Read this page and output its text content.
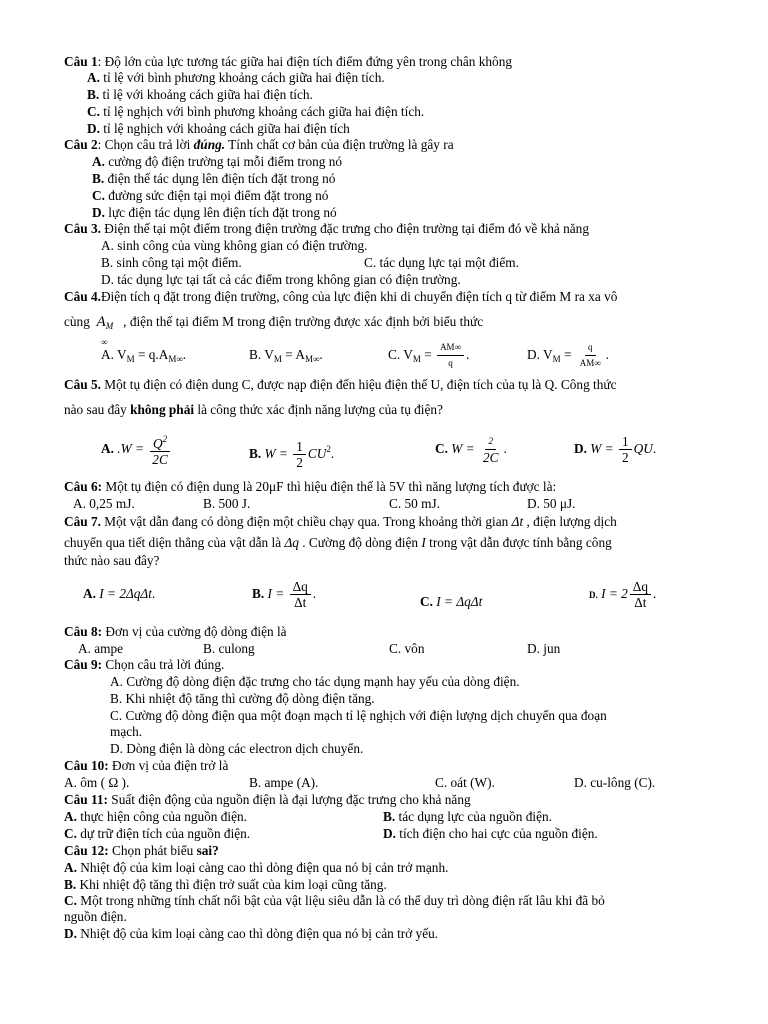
Câu 1: Độ lớn của lực tương tác giữa hai điện tích điểm đứng yên trong chân không
A. tỉ lệ với bình phương khoảng cách giữa hai điện tích.
B. tỉ lệ với khoảng cách giữa hai điện tích.
C. tỉ lệ nghịch với bình phương khoảng cách giữa hai điện tích.
D. tỉ lệ nghịch với khoảng cách giữa hai điện tích
Câu 2: Chọn câu trả lời đúng. Tính chất cơ bản của điện trường là gây ra
A. cường độ điện trường tại mỗi điểm trong nó
B. điện thế tác dụng lên điện tích đặt trong nó
C. đường sức điện tại mọi điểm đặt trong nó
D. lực điện tác dụng lên điện tích đặt trong nó
Câu 3. Điện thế tại một điểm trong điện trường đặc trưng cho điện trường tại điểm đó về khả năng
A. sinh công của vùng không gian có điện trường.
B. sinh công tại một điểm.	C. tác dụng lực tại một điểm.
D. tác dụng lực tại tất cả các điểm trong không gian có điện trường.
Câu 4.Điện tích q đặt trong điện trường, công của lực điện khi di chuyển điện tích q từ điểm M ra xa vô
cùng $A_M$ , điện thế tại điểm M trong điện trường được xác định bởi biểu thức
∞
A. $V_M = q.A_{M\infty}$.	B. $V_M = A_{M\infty}$.	C. $V_M = \frac{AM\infty}{q}$ .	D. $V_M = \frac{q}{AM\infty}$ .
Câu 5. Một tụ điện có điện dung C, được nạp điện đến hiệu điện thế U, điện tích của tụ là Q. Công thức
nào sau đây không phải là công thức xác định năng lượng của tụ điện?
A. $.W = \frac{Q^2}{2C}$	B. $W = \frac{1}{2} CU^2$.	C. $W = \frac{2}{2C}$ .	D. $W = \frac{1}{2}$ QU.
Câu 6: Một tụ điện có điện dung là 20μF thì hiệu điện thế là 5V thì năng lượng tích được là:
A. 0,25 mJ.	B. 500 J.	C. 50 mJ.	D. 50 μJ.
Câu 7. Một vật dẫn đang có dòng điện một chiều chạy qua. Trong khoảng thời gian Δt , điện lượng dịch
chuyển qua tiết diện thẳng của vật dẫn là Δq . Cường độ dòng điện I trong vật dẫn được tính bằng công
thức nào sau đây?
A. I = 2ΔqΔt.	B. $I = \frac{\Delta q}{\Delta t}$ .
C. I = ΔqΔt	D. $I = 2 \frac{\Delta q}{\Delta t}$ .
Câu 8: Đơn vị của cường độ dòng điện là
A. ampe	B. culong	C. vôn	D. jun
Câu 9: Chọn câu trả lời đúng.
A. Cường độ dòng điện đặc trưng cho tác dụng mạnh hay yếu của dòng điện.
B. Khi nhiệt độ tăng thì cường độ dòng điện tăng.
C. Cường độ dòng điện qua một đoạn mạch tỉ lệ nghịch với điện lượng dịch chuyển qua đoạn
mạch.
D. Dòng điện là dòng các electron dịch chuyển.
Câu 10: Đơn vị của điện trở là
A. ôm ( Ω ).	B. ampe (A).	C. oát (W).	D. cu-lông (C).
Câu 11: Suất điện động của nguồn điện là đại lượng đặc trưng cho khả năng
A. thực hiện công của nguồn điện.	B. tác dụng lực của nguồn điện.
C. dự trữ điện tích của nguồn điện.	D. tích điện cho hai cực của nguồn điện.
Câu 12: Chọn phát biểu sai?
A. Nhiệt độ của kim loại càng cao thì dòng điện qua nó bị cản trở mạnh.
B. Khi nhiệt độ tăng thì điện trở suất của kim loại cũng tăng.
C. Một trong những tính chất nổi bật của vật liệu siêu dẫn là có thể duy trì dòng điện rất lâu khi đã bỏ
nguồn điện.
D. Nhiệt độ của kim loại càng cao thì dòng điện qua nó bị cản trở yếu.
